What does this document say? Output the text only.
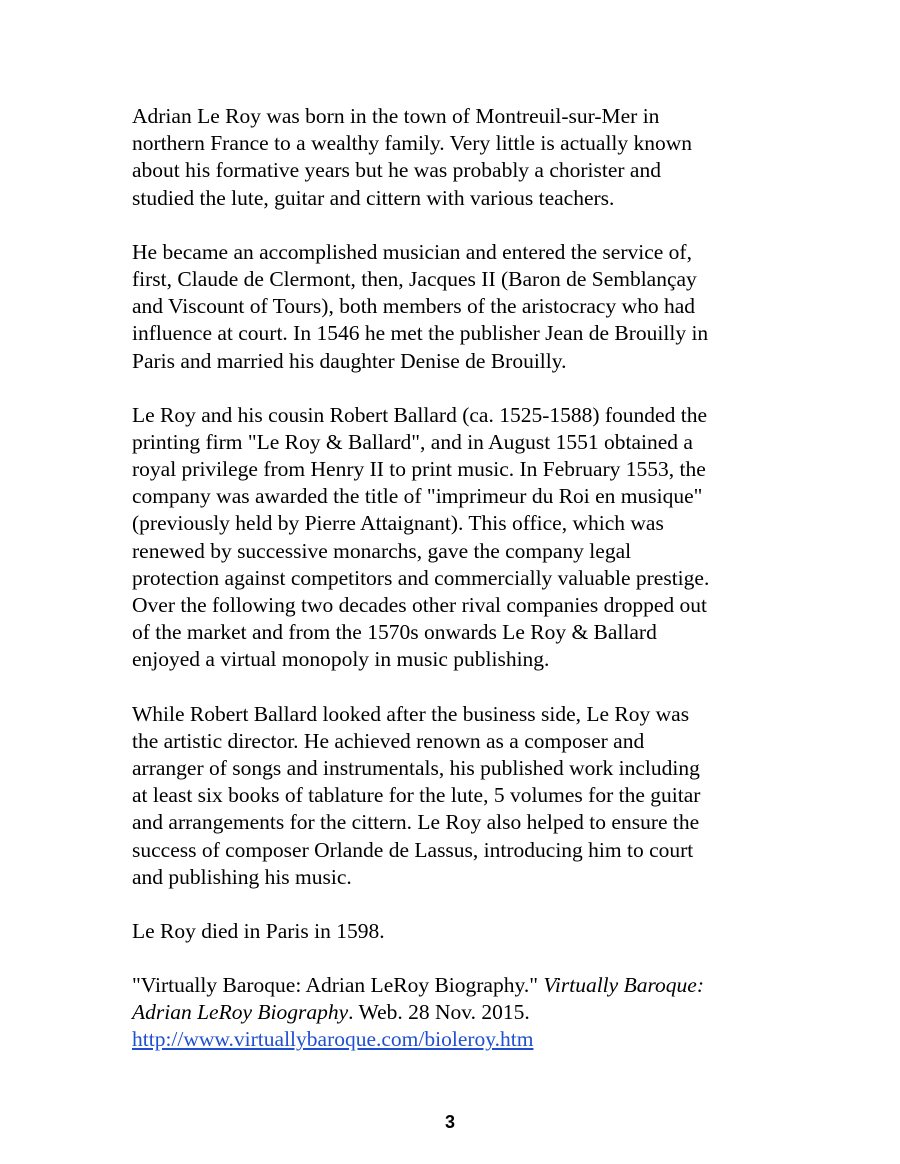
Adrian Le Roy was born in the town of Montreuil-sur-Mer in
northern France to a wealthy family. Very little is actually known
about his formative years but he was probably a chorister and
studied the lute, guitar and cittern with various teachers.

He became an accomplished musician and entered the service of,
first, Claude de Clermont, then, Jacques II (Baron de Semblançay
and Viscount of Tours), both members of the aristocracy who had
influence at court. In 1546 he met the publisher Jean de Brouilly in
Paris and married his daughter Denise de Brouilly.

Le Roy and his cousin Robert Ballard (ca. 1525-1588) founded the
printing firm "Le Roy & Ballard", and in August 1551 obtained a
royal privilege from Henry II to print music. In February 1553, the
company was awarded the title of "imprimeur du Roi en musique"
(previously held by Pierre Attaignant). This office, which was
renewed by successive monarchs, gave the company legal
protection against competitors and commercially valuable prestige.
Over the following two decades other rival companies dropped out
of the market and from the 1570s onwards Le Roy & Ballard
enjoyed a virtual monopoly in music publishing.

While Robert Ballard looked after the business side, Le Roy was
the artistic director. He achieved renown as a composer and
arranger of songs and instrumentals, his published work including
at least six books of tablature for the lute, 5 volumes for the guitar
and arrangements for the cittern. Le Roy also helped to ensure the
success of composer Orlande de Lassus, introducing him to court
and publishing his music.

Le Roy died in Paris in 1598.

"Virtually Baroque: Adrian LeRoy Biography." Virtually Baroque:
Adrian LeRoy Biography. Web. 28 Nov. 2015.
http://www.virtuallybaroque.com/bioleroy.htm

3
